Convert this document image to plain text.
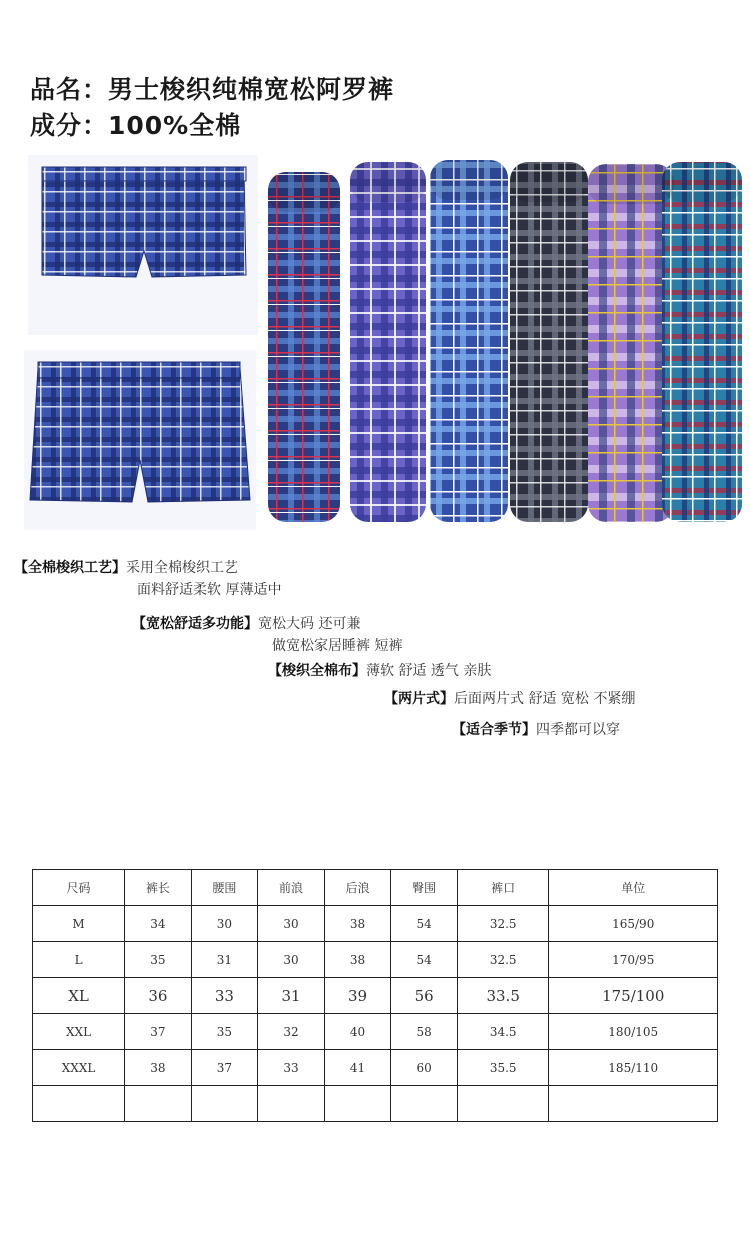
品名：男士梭织纯棉宽松阿罗裤
成分：100%全棉
【全棉梭织工艺】采用全棉梭织工艺
面料舒适柔软 厚薄适中
【宽松舒适多功能】宽松大码 还可兼
做宽松家居睡裤 短裤
【梭织全棉布】薄软 舒适 透气 亲肤
【两片式】后面两片式 舒适 宽松 不紧绷
【适合季节】四季都可以穿
尺码	裤长	腰围	前浪	后浪	臀围	裤口	单位
M	34	30	30	38	54	32.5	165/90
L	35	31	30	38	54	32.5	170/95
XL	36	33	31	39	56	33.5	175/100
XXL	37	35	32	40	58	34.5	180/105
XXXL	38	37	33	41	60	35.5	185/110
